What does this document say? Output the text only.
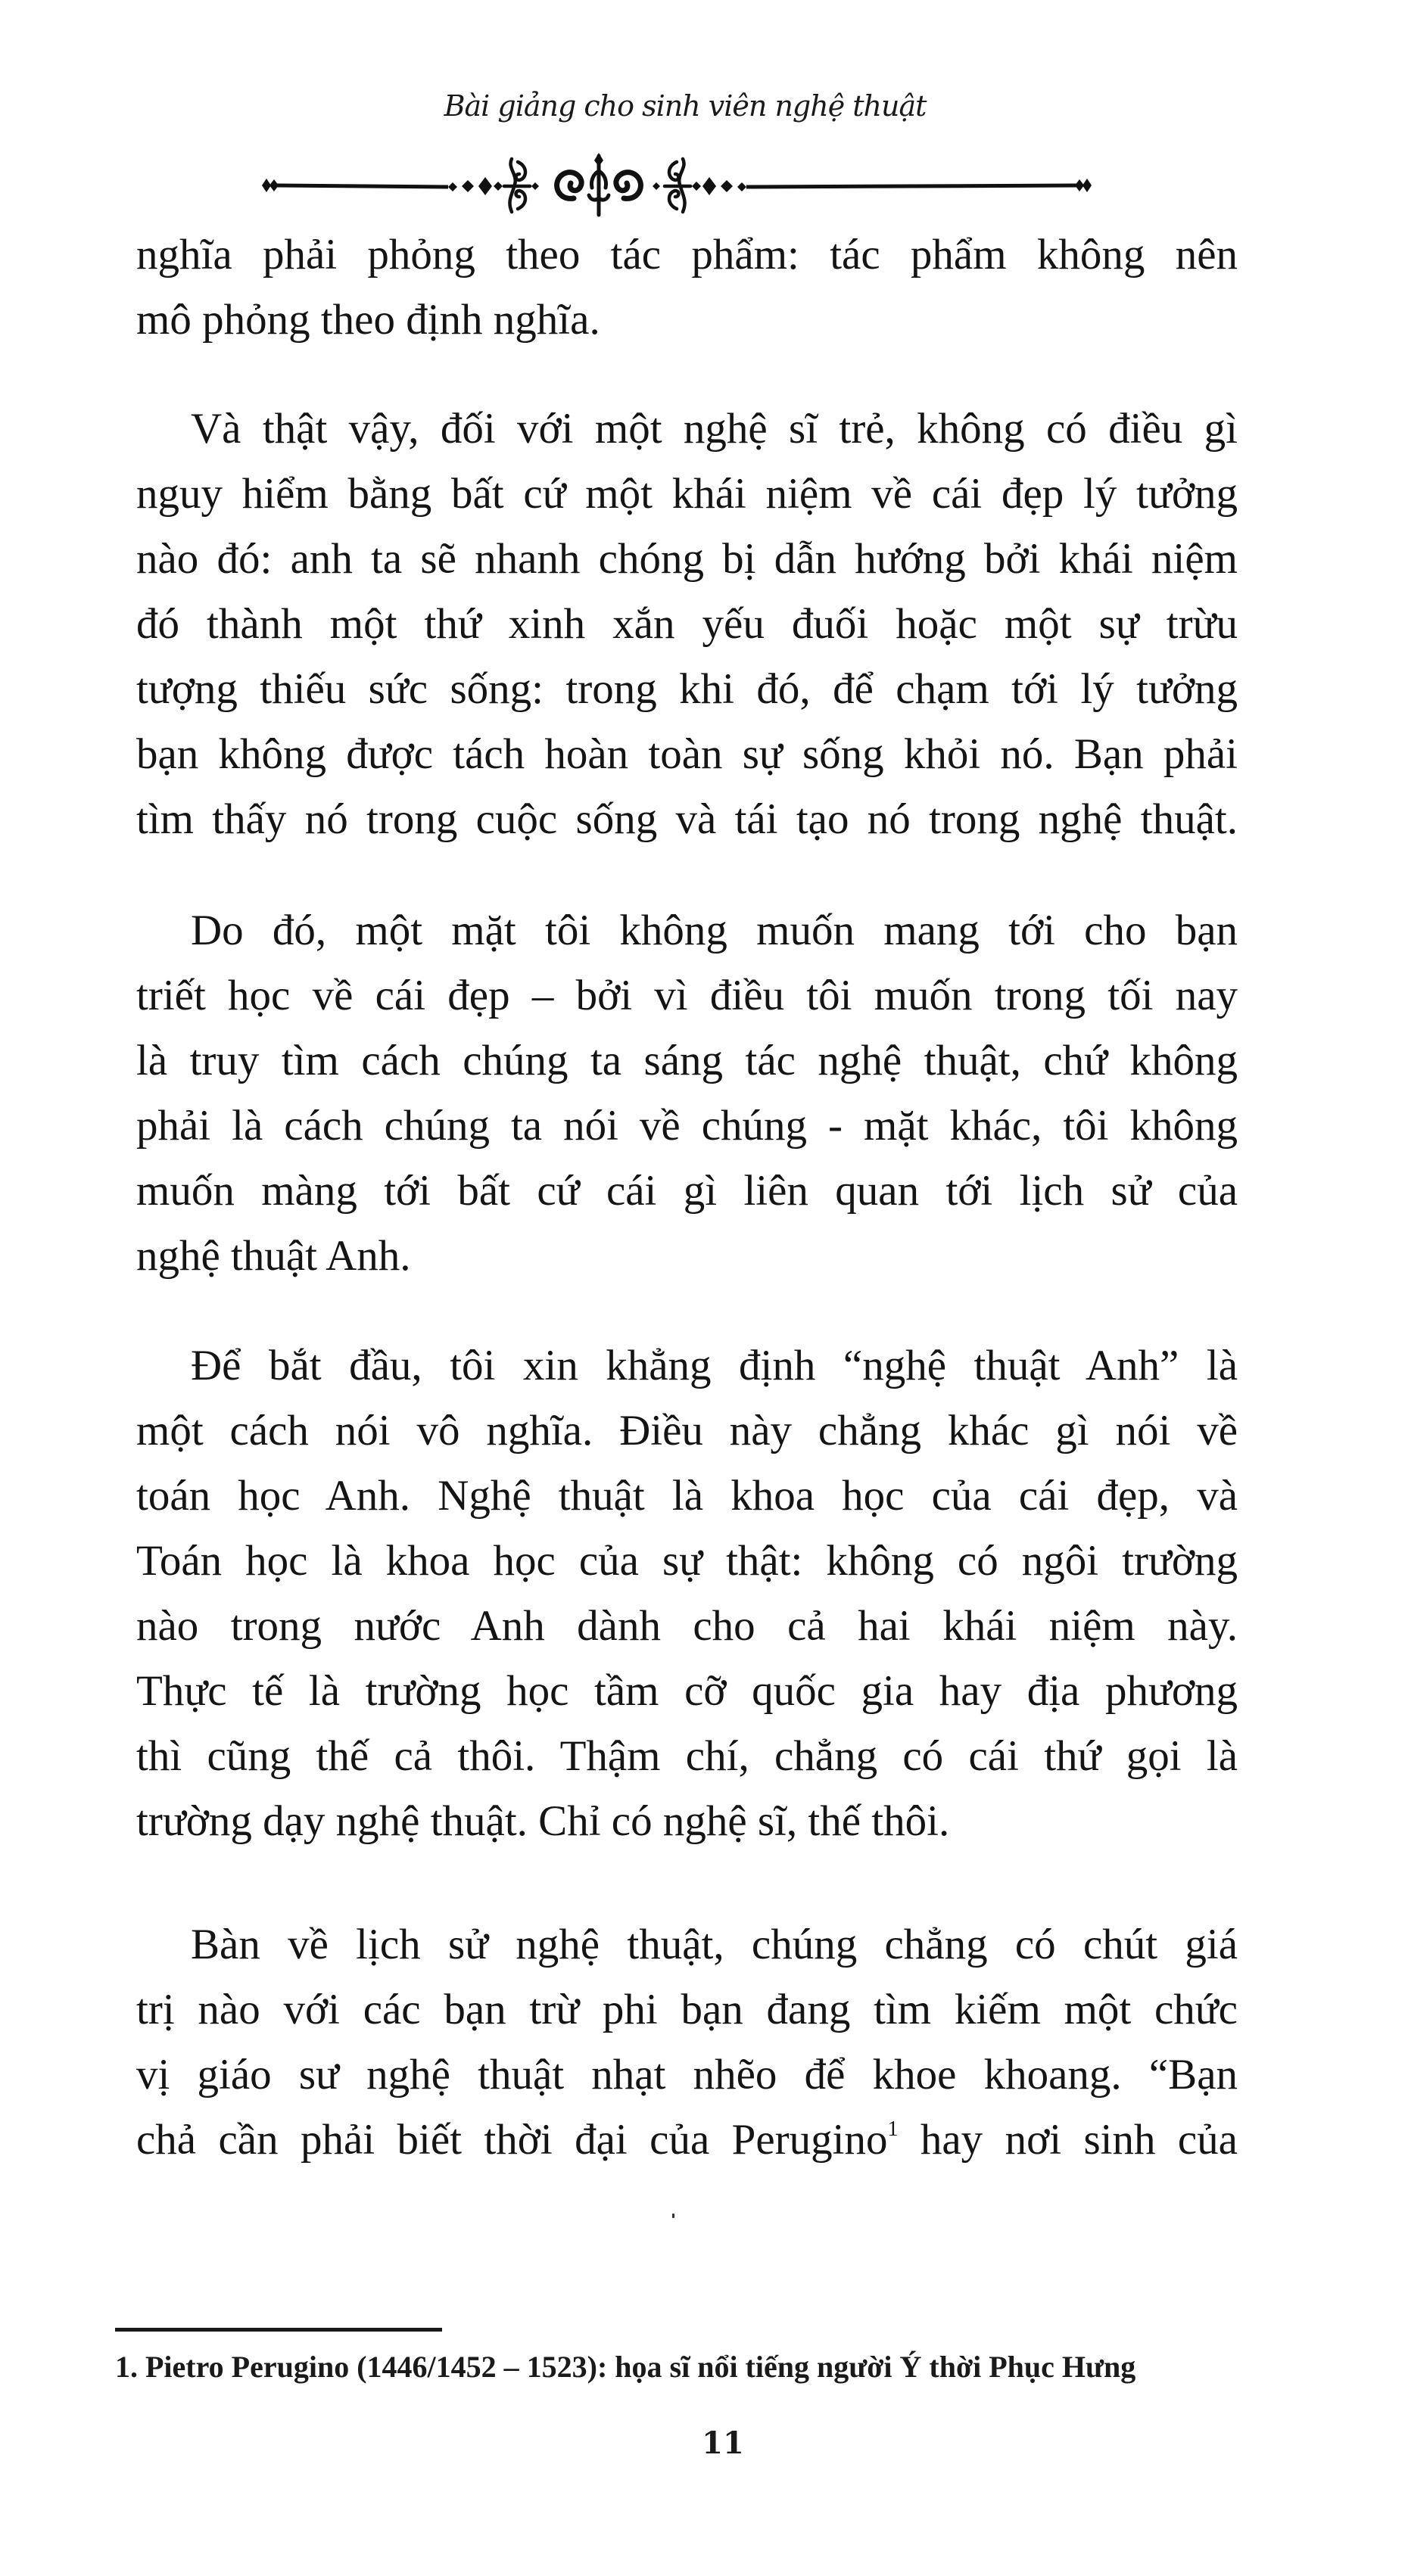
Bài giảng cho sinh viên nghệ thuật
nghĩa phải phỏng theo tác phẩm: tác phẩm không nên
mô phỏng theo định nghĩa.
Và thật vậy, đối với một nghệ sĩ trẻ, không có điều gì
nguy hiểm bằng bất cứ một khái niệm về cái đẹp lý tưởng
nào đó: anh ta sẽ nhanh chóng bị dẫn hướng bởi khái niệm
đó thành một thứ xinh xắn yếu đuối hoặc một sự trừu
tượng thiếu sức sống: trong khi đó, để chạm tới lý tưởng
bạn không được tách hoàn toàn sự sống khỏi nó. Bạn phải
tìm thấy nó trong cuộc sống và tái tạo nó trong nghệ thuật.
Do đó, một mặt tôi không muốn mang tới cho bạn
triết học về cái đẹp – bởi vì điều tôi muốn trong tối nay
là truy tìm cách chúng ta sáng tác nghệ thuật, chứ không
phải là cách chúng ta nói về chúng - mặt khác, tôi không
muốn màng tới bất cứ cái gì liên quan tới lịch sử của
nghệ thuật Anh.
Để bắt đầu, tôi xin khẳng định “nghệ thuật Anh” là
một cách nói vô nghĩa. Điều này chẳng khác gì nói về
toán học Anh. Nghệ thuật là khoa học của cái đẹp, và
Toán học là khoa học của sự thật: không có ngôi trường
nào trong nước Anh dành cho cả hai khái niệm này.
Thực tế là trường học tầm cỡ quốc gia hay địa phương
thì cũng thế cả thôi. Thậm chí, chẳng có cái thứ gọi là
trường dạy nghệ thuật. Chỉ có nghệ sĩ, thế thôi.
Bàn về lịch sử nghệ thuật, chúng chẳng có chút giá
trị nào với các bạn trừ phi bạn đang tìm kiếm một chức
vị giáo sư nghệ thuật nhạt nhẽo để khoe khoang. “Bạn
chả cần phải biết thời đại của Perugino$^1$ hay nơi sinh của
1. Pietro Perugino (1446/1452 – 1523): họa sĩ nổi tiếng người Ý thời Phục Hưng
11
